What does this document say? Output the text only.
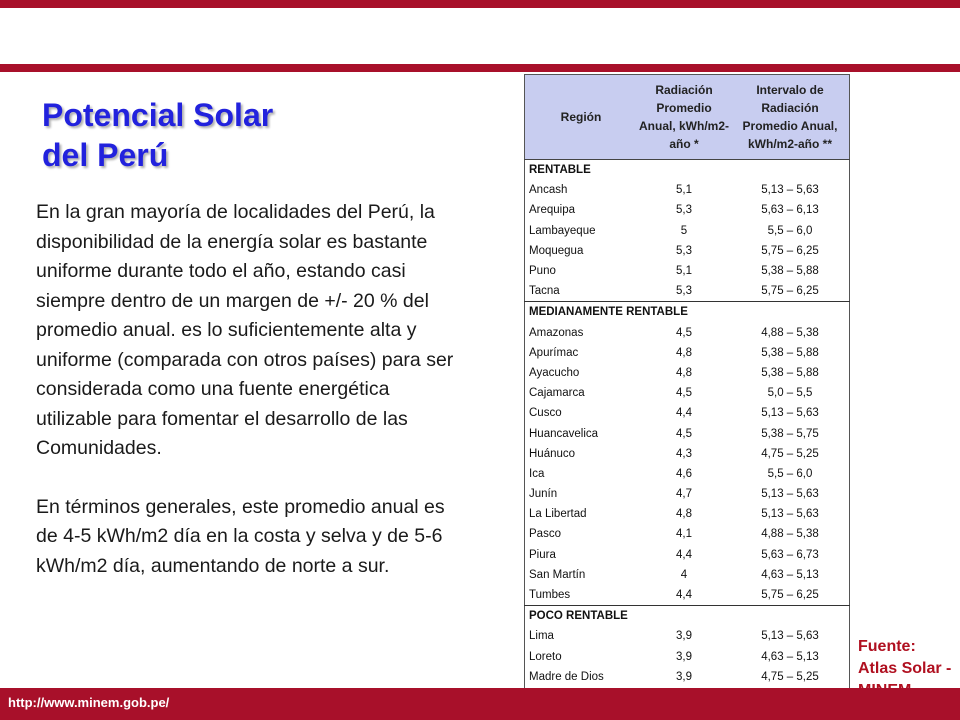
Potencial Solar
del Perú

En la gran mayoría de localidades del Perú, la disponibilidad de la energía solar es bastante uniforme durante todo el año, estando casi siempre dentro de un margen de +/- 20 % del promedio anual. es lo suficientemente alta y uniforme (comparada con otros países) para ser considerada como una fuente energética utilizable para fomentar el desarrollo de las Comunidades.

En términos generales, este promedio anual es de 4-5 kWh/m2 día en la costa y selva y de 5-6 kWh/m2 día, aumentando de norte a sur.

Región	Radiación Promedio Anual, kWh/m2-año *	Intervalo de Radiación Promedio Anual, kWh/m2-año **
RENTABLE		
Ancash	5,1	5,13 – 5,63
Arequipa	5,3	5,63 – 6,13
Lambayeque	5	5,5 – 6,0
Moquegua	5,3	5,75 – 6,25
Puno	5,1	5,38 – 5,88
Tacna	5,3	5,75 – 6,25
MEDIANAMENTE RENTABLE		
Amazonas	4,5	4,88 – 5,38
Apurímac	4,8	5,38 – 5,88
Ayacucho	4,8	5,38 – 5,88
Cajamarca	4,5	5,0 – 5,5
Cusco	4,4	5,13 – 5,63
Huancavelica	4,5	5,38 – 5,75
Huánuco	4,3	4,75 – 5,25
Ica	4,6	5,5 – 6,0
Junín	4,7	5,13 – 5,63
La Libertad	4,8	5,13 – 5,63
Pasco	4,1	4,88 – 5,38
Piura	4,4	5,63 – 6,73
San Martín	4	4,63 – 5,13
Tumbes	4,4	5,75 – 6,25
POCO RENTABLE		
Lima	3,9	5,13 – 5,63
Loreto	3,9	4,63 – 5,13
Madre de Dios	3,9	4,75 – 5,25

Fuente: Atlas Solar -
http://www.minem.gob.pe/
